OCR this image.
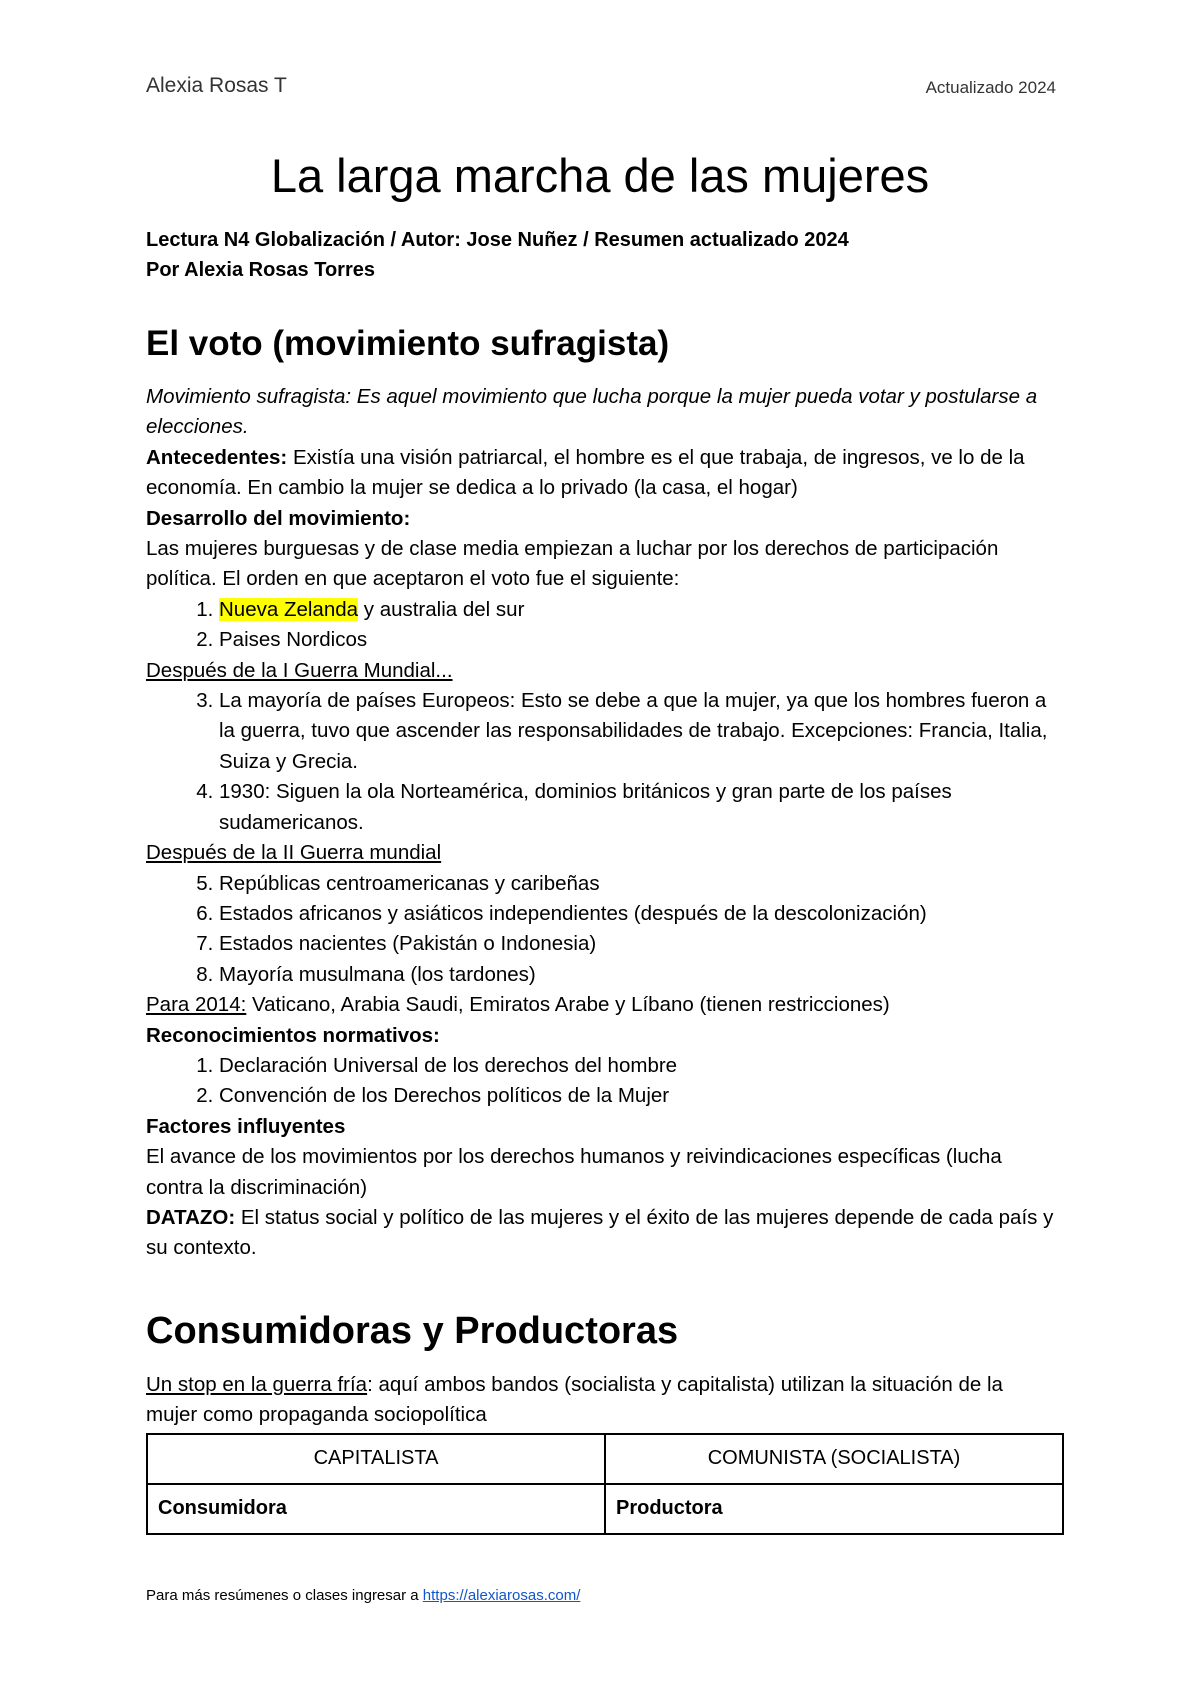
Alexia Rosas T	Actualizado 2024
La larga marcha de las mujeres
Lectura N4 Globalización / Autor: Jose Nuñez / Resumen actualizado 2024
Por Alexia Rosas Torres
El voto (movimiento sufragista)

Movimiento sufragista: Es aquel movimiento que lucha porque la mujer pueda votar y postularse a elecciones.

Antecedentes: Existía una visión patriarcal, el hombre es el que trabaja, de ingresos, ve lo de la economía. En cambio la mujer se dedica a lo privado (la casa, el hogar)

Desarrollo del movimiento:

Las mujeres burguesas y de clase media empiezan a luchar por los derechos de participación política. El orden en que aceptaron el voto fue el siguiente:

1. Nueva Zelanda y australia del sur
2. Paises Nordicos

Después de la I Guerra Mundial...

3. La mayoría de países Europeos: Esto se debe a que la mujer, ya que los hombres fueron a la guerra, tuvo que ascender las responsabilidades de trabajo. Excepciones: Francia, Italia, Suiza y Grecia.
4. 1930: Siguen la ola Norteamérica, dominios británicos y gran parte de los países sudamericanos.

Después de la II Guerra mundial

5. Repúblicas centroamericanas y caribeñas
6. Estados africanos y asiáticos independientes (después de la descolonización)
7. Estados nacientes (Pakistán o Indonesia)
8. Mayoría musulmana (los tardones)

Para 2014: Vaticano, Arabia Saudi, Emiratos Arabe y Líbano (tienen restricciones)

Reconocimientos normativos:

1. Declaración Universal de los derechos del hombre
2. Convención de los Derechos políticos de la Mujer

Factores influyentes

El avance de los movimientos por los derechos humanos y reivindicaciones específicas (lucha contra la discriminación)

DATAZO: El status social y político de las mujeres y el éxito de las mujeres depende de cada país y su contexto.

Consumidoras y Productoras

Un stop en la guerra fría: aquí ambos bandos (socialista y capitalista) utilizan la situación de la mujer como propaganda sociopolítica

CAPITALISTA	COMUNISTA (SOCIALISTA)
Consumidora	Productora
Para más resúmenes o clases ingresar a https://alexiarosas.com/
